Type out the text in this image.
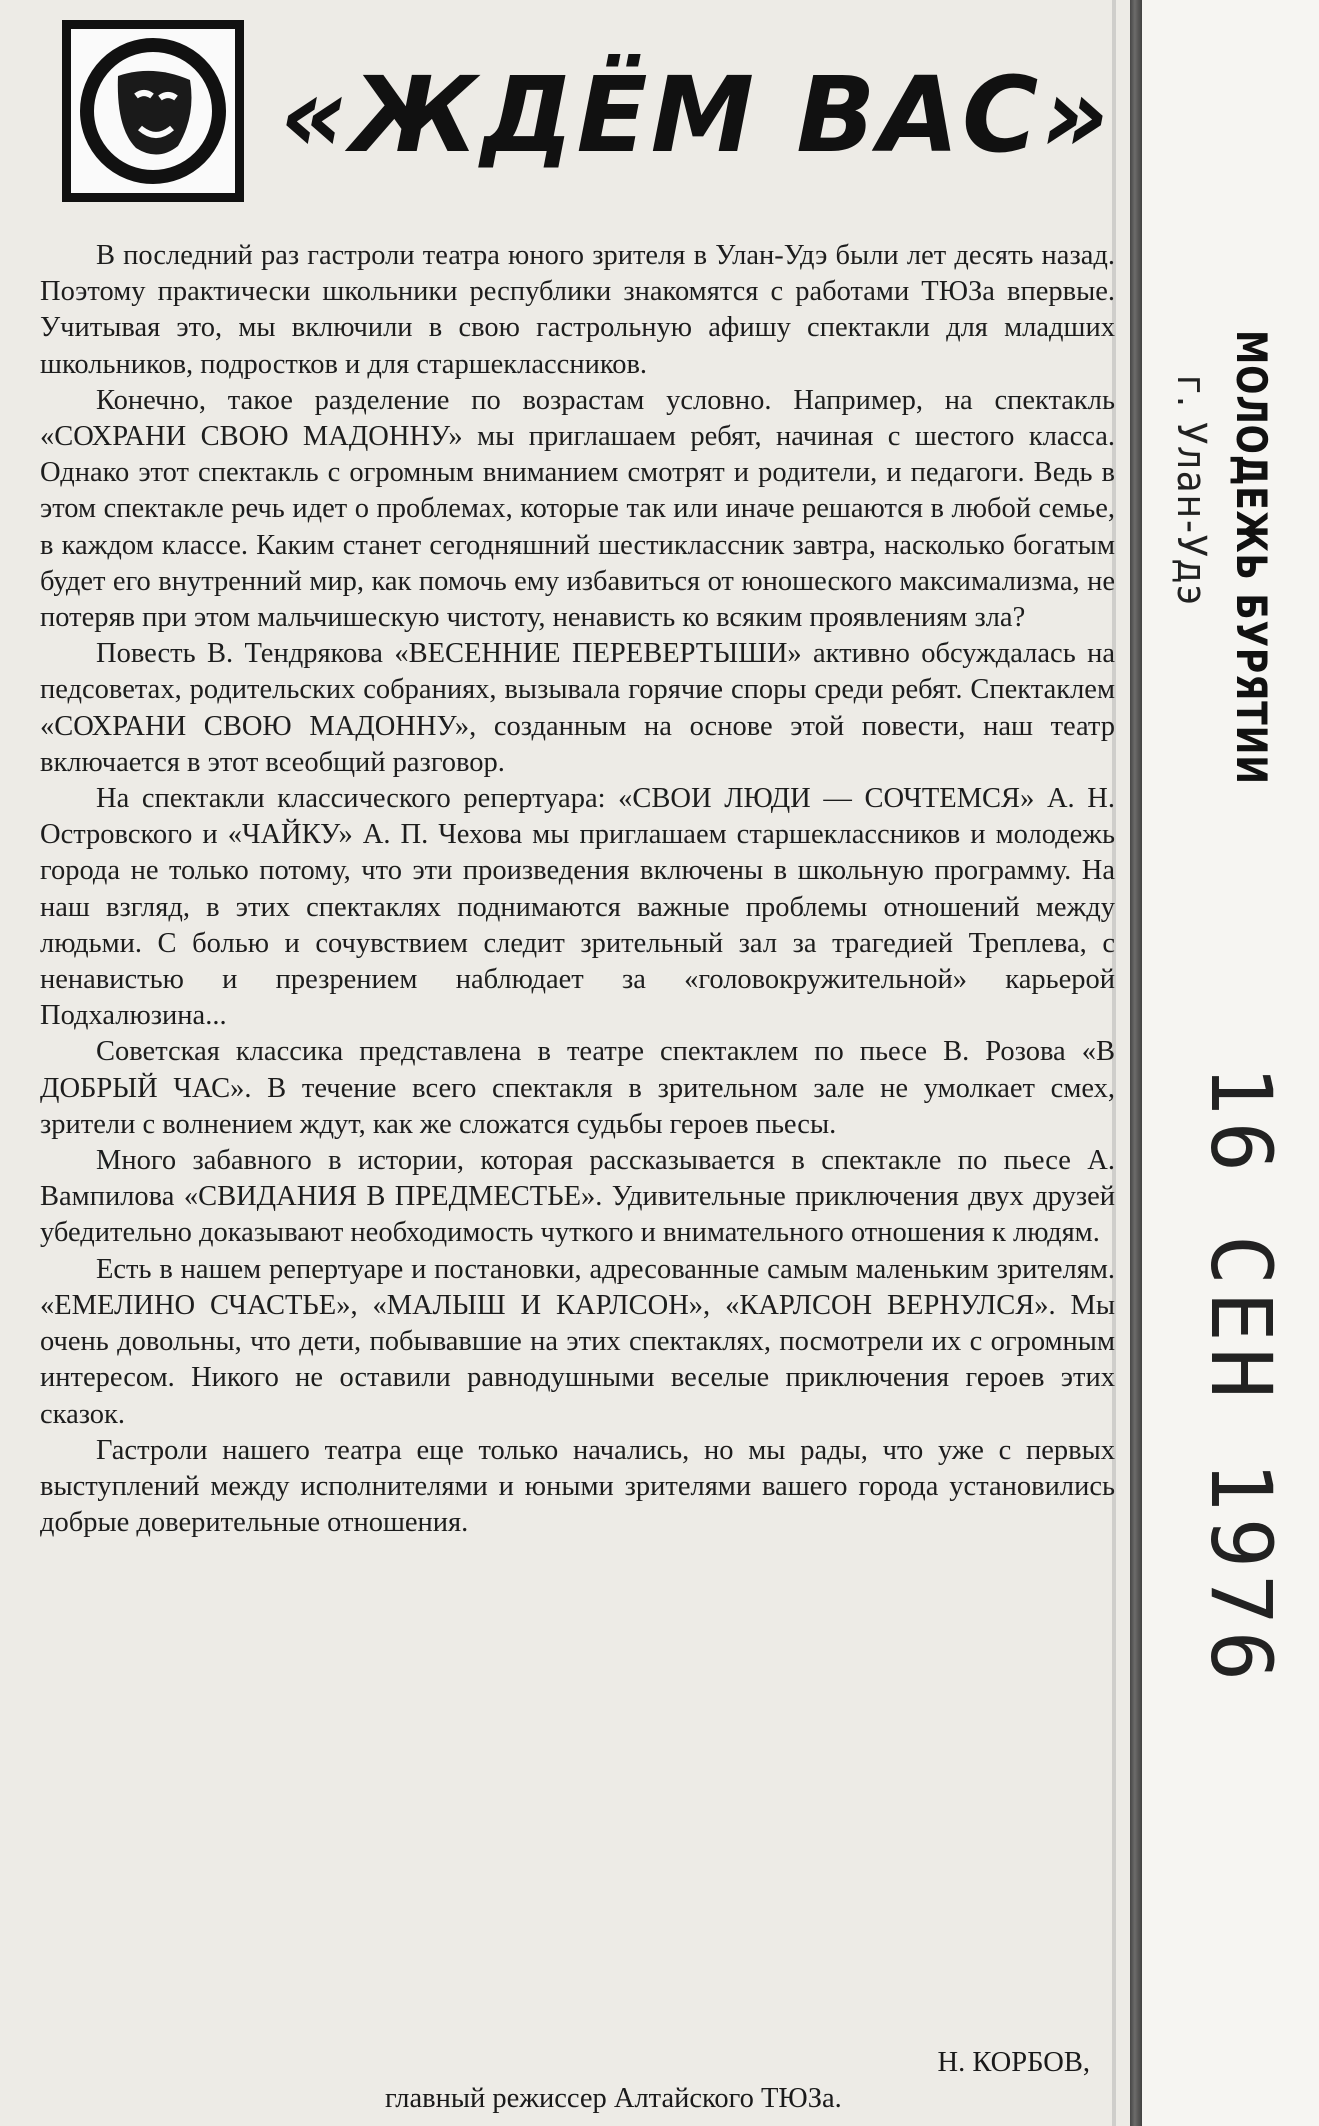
«ЖДЁМ ВАС»

В последний раз гастроли театра юного зрителя в Улан-Удэ были лет десять назад. Поэтому практически школьники республики знакомятся с работами ТЮЗа впервые. Учитывая это, мы включили в свою гастрольную афишу спектакли для младших школьников, подростков и для старшеклассников.

Конечно, такое разделение по возрастам условно. Например, на спектакль «СОХРАНИ СВОЮ МАДОННУ» мы приглашаем ребят, начиная с шестого класса. Однако этот спектакль с огромным вниманием смотрят и родители, и педагоги. Ведь в этом спектакле речь идет о проблемах, которые так или иначе решаются в любой семье, в каждом классе. Каким станет сегодняшний шестиклассник завтра, насколько богатым будет его внутренний мир, как помочь ему избавиться от юношеского максимализма, не потеряв при этом мальчишескую чистоту, ненависть ко всяким проявлениям зла?

Повесть В. Тендрякова «ВЕСЕННИЕ ПЕРЕВЕРТЫШИ» активно обсуждалась на педсоветах, родительских собраниях, вызывала горячие споры среди ребят. Спектаклем «СОХРАНИ СВОЮ МАДОННУ», созданным на основе этой повести, наш театр включается в этот всеобщий разговор.

На спектакли классического репертуара: «СВОИ ЛЮДИ — СОЧТЕМСЯ» А. Н. Островского и «ЧАЙКУ» А. П. Чехова мы приглашаем старшеклассников и молодежь города не только потому, что эти произведения включены в школьную программу. На наш взгляд, в этих спектаклях поднимаются важные проблемы отношений между людьми. С болью и сочувствием следит зрительный зал за трагедией Треплева, с ненавистью и презрением наблюдает за «головокружительной» карьерой Подхалюзина...

Советская классика представлена в театре спектаклем по пьесе В. Розова «В ДОБРЫЙ ЧАС». В течение всего спектакля в зрительном зале не умолкает смех, зрители с волнением ждут, как же сложатся судьбы героев пьесы.

Много забавного в истории, которая рассказывается в спектакле по пьесе А. Вампилова «СВИДАНИЯ В ПРЕДМЕСТЬЕ». Удивительные приключения двух друзей убедительно доказывают необходимость чуткого и внимательного отношения к людям.

Есть в нашем репертуаре и постановки, адресованные самым маленьким зрителям. «ЕМЕЛИНО СЧАСТЬЕ», «МАЛЫШ И КАРЛСОН», «КАРЛСОН ВЕРНУЛСЯ». Мы очень довольны, что дети, побывавшие на этих спектаклях, посмотрели их с огромным интересом. Никого не оставили равнодушными веселые приключения героев этих сказок.

Гастроли нашего театра еще только начались, но мы рады, что уже с первых выступлений между исполнителями и юными зрителями вашего города установились добрые доверительные отношения.

Н. КОРБОВ,
главный режиссер Алтайского ТЮЗа.
МОЛОДЕЖЬ БУРЯТИИ
г. Улан-Удэ
16 СЕН 1976
